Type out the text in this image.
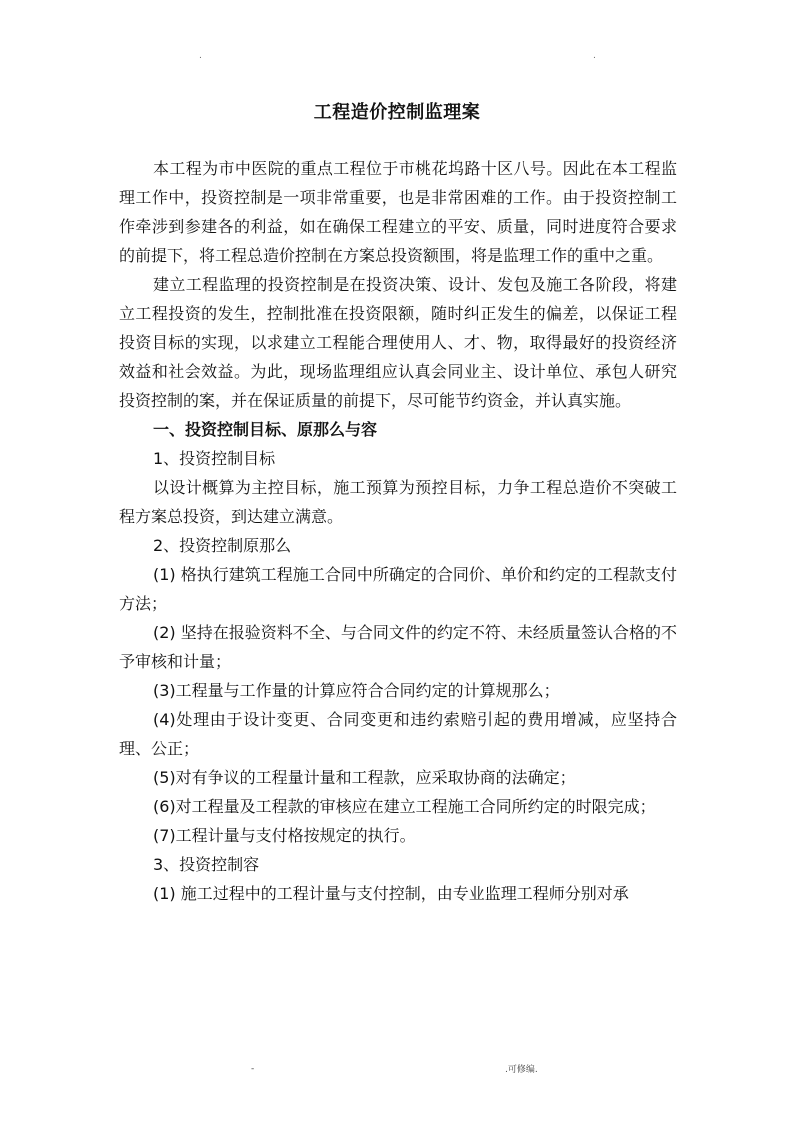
.	.
工程造价控制监理案

本工程为市中医院的重点工程位于市桃花坞路十区八号。因此在本工程监理工作中，投资控制是一项非常重要，也是非常困难的工作。由于投资控制工作牵涉到参建各的利益，如在确保工程建立的平安、质量，同时进度符合要求的前提下，将工程总造价控制在方案总投资额围，将是监理工作的重中之重。

建立工程监理的投资控制是在投资决策、设计、发包及施工各阶段，将建立工程投资的发生，控制批准在投资限额，随时纠正发生的偏差，以保证工程投资目标的实现，以求建立工程能合理使用人、才、物，取得最好的投资经济效益和社会效益。为此，现场监理组应认真会同业主、设计单位、承包人研究投资控制的案，并在保证质量的前提下，尽可能节约资金，并认真实施。

一、投资控制目标、原那么与容

1、投资控制目标

以设计概算为主控目标，施工预算为预控目标，力争工程总造价不突破工程方案总投资，到达建立满意。

2、投资控制原那么

(1) 格执行建筑工程施工合同中所确定的合同价、单价和约定的工程款支付方法；

(2) 坚持在报验资料不全、与合同文件的约定不符、未经质量签认合格的不予审核和计量；

(3)工程量与工作量的计算应符合合同约定的计算规那么；

(4)处理由于设计变更、合同变更和违约索赔引起的费用增减，应坚持合理、公正；

(5)对有争议的工程量计量和工程款，应采取协商的法确定；

(6)对工程量及工程款的审核应在建立工程施工合同所约定的时限完成；

(7)工程计量与支付格按规定的执行。

3、投资控制容

(1) 施工过程中的工程计量与支付控制，由专业监理工程师分别对承

-	.可修编.
